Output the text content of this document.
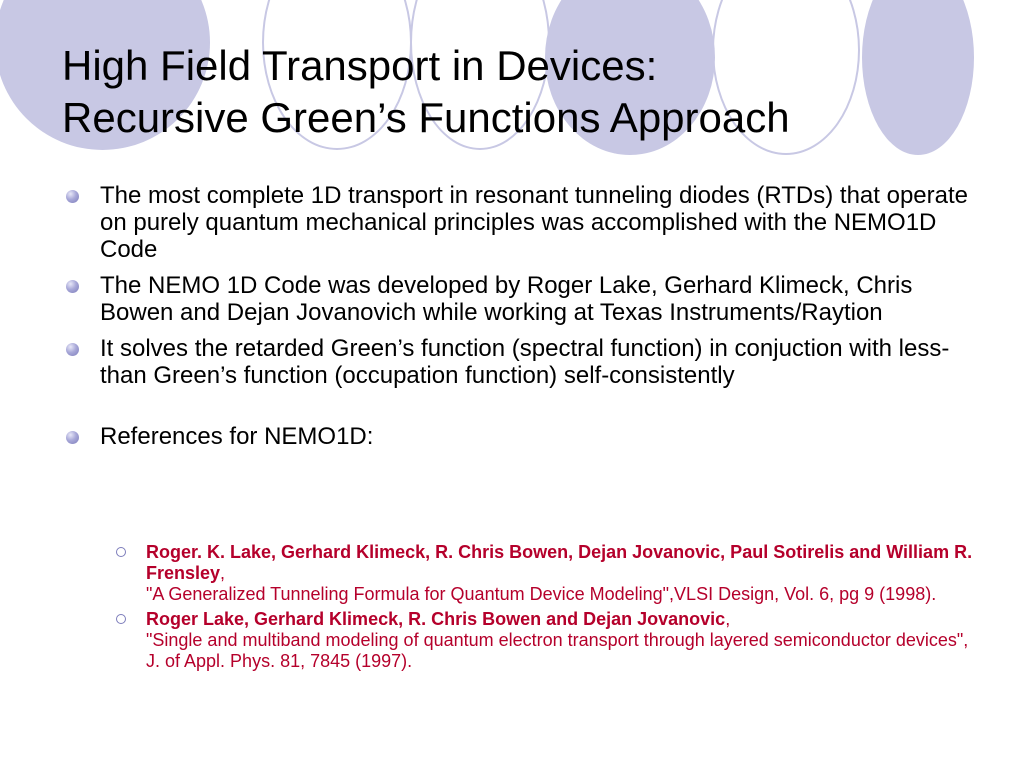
High Field Transport in Devices:
Recursive Green’s Functions Approach
The most complete 1D transport in resonant tunneling diodes (RTDs) that operate on purely quantum mechanical principles was accomplished with the NEMO1D Code
The NEMO 1D Code was developed by Roger Lake, Gerhard Klimeck, Chris Bowen and Dejan Jovanovich while working at Texas Instruments/Raytion
It solves the retarded Green’s function (spectral function) in conjuction with less-than Green’s function (occupation function) self-consistently
References for NEMO1D:
Roger. K. Lake, Gerhard Klimeck, R. Chris Bowen, Dejan Jovanovic, Paul Sotirelis and William R. Frensley,
"A Generalized Tunneling Formula for Quantum Device Modeling",VLSI Design, Vol. 6, pg 9 (1998).
Roger Lake, Gerhard Klimeck, R. Chris Bowen and Dejan Jovanovic,
"Single and multiband modeling of quantum electron transport through layered semiconductor devices", J. of Appl. Phys. 81, 7845 (1997).
